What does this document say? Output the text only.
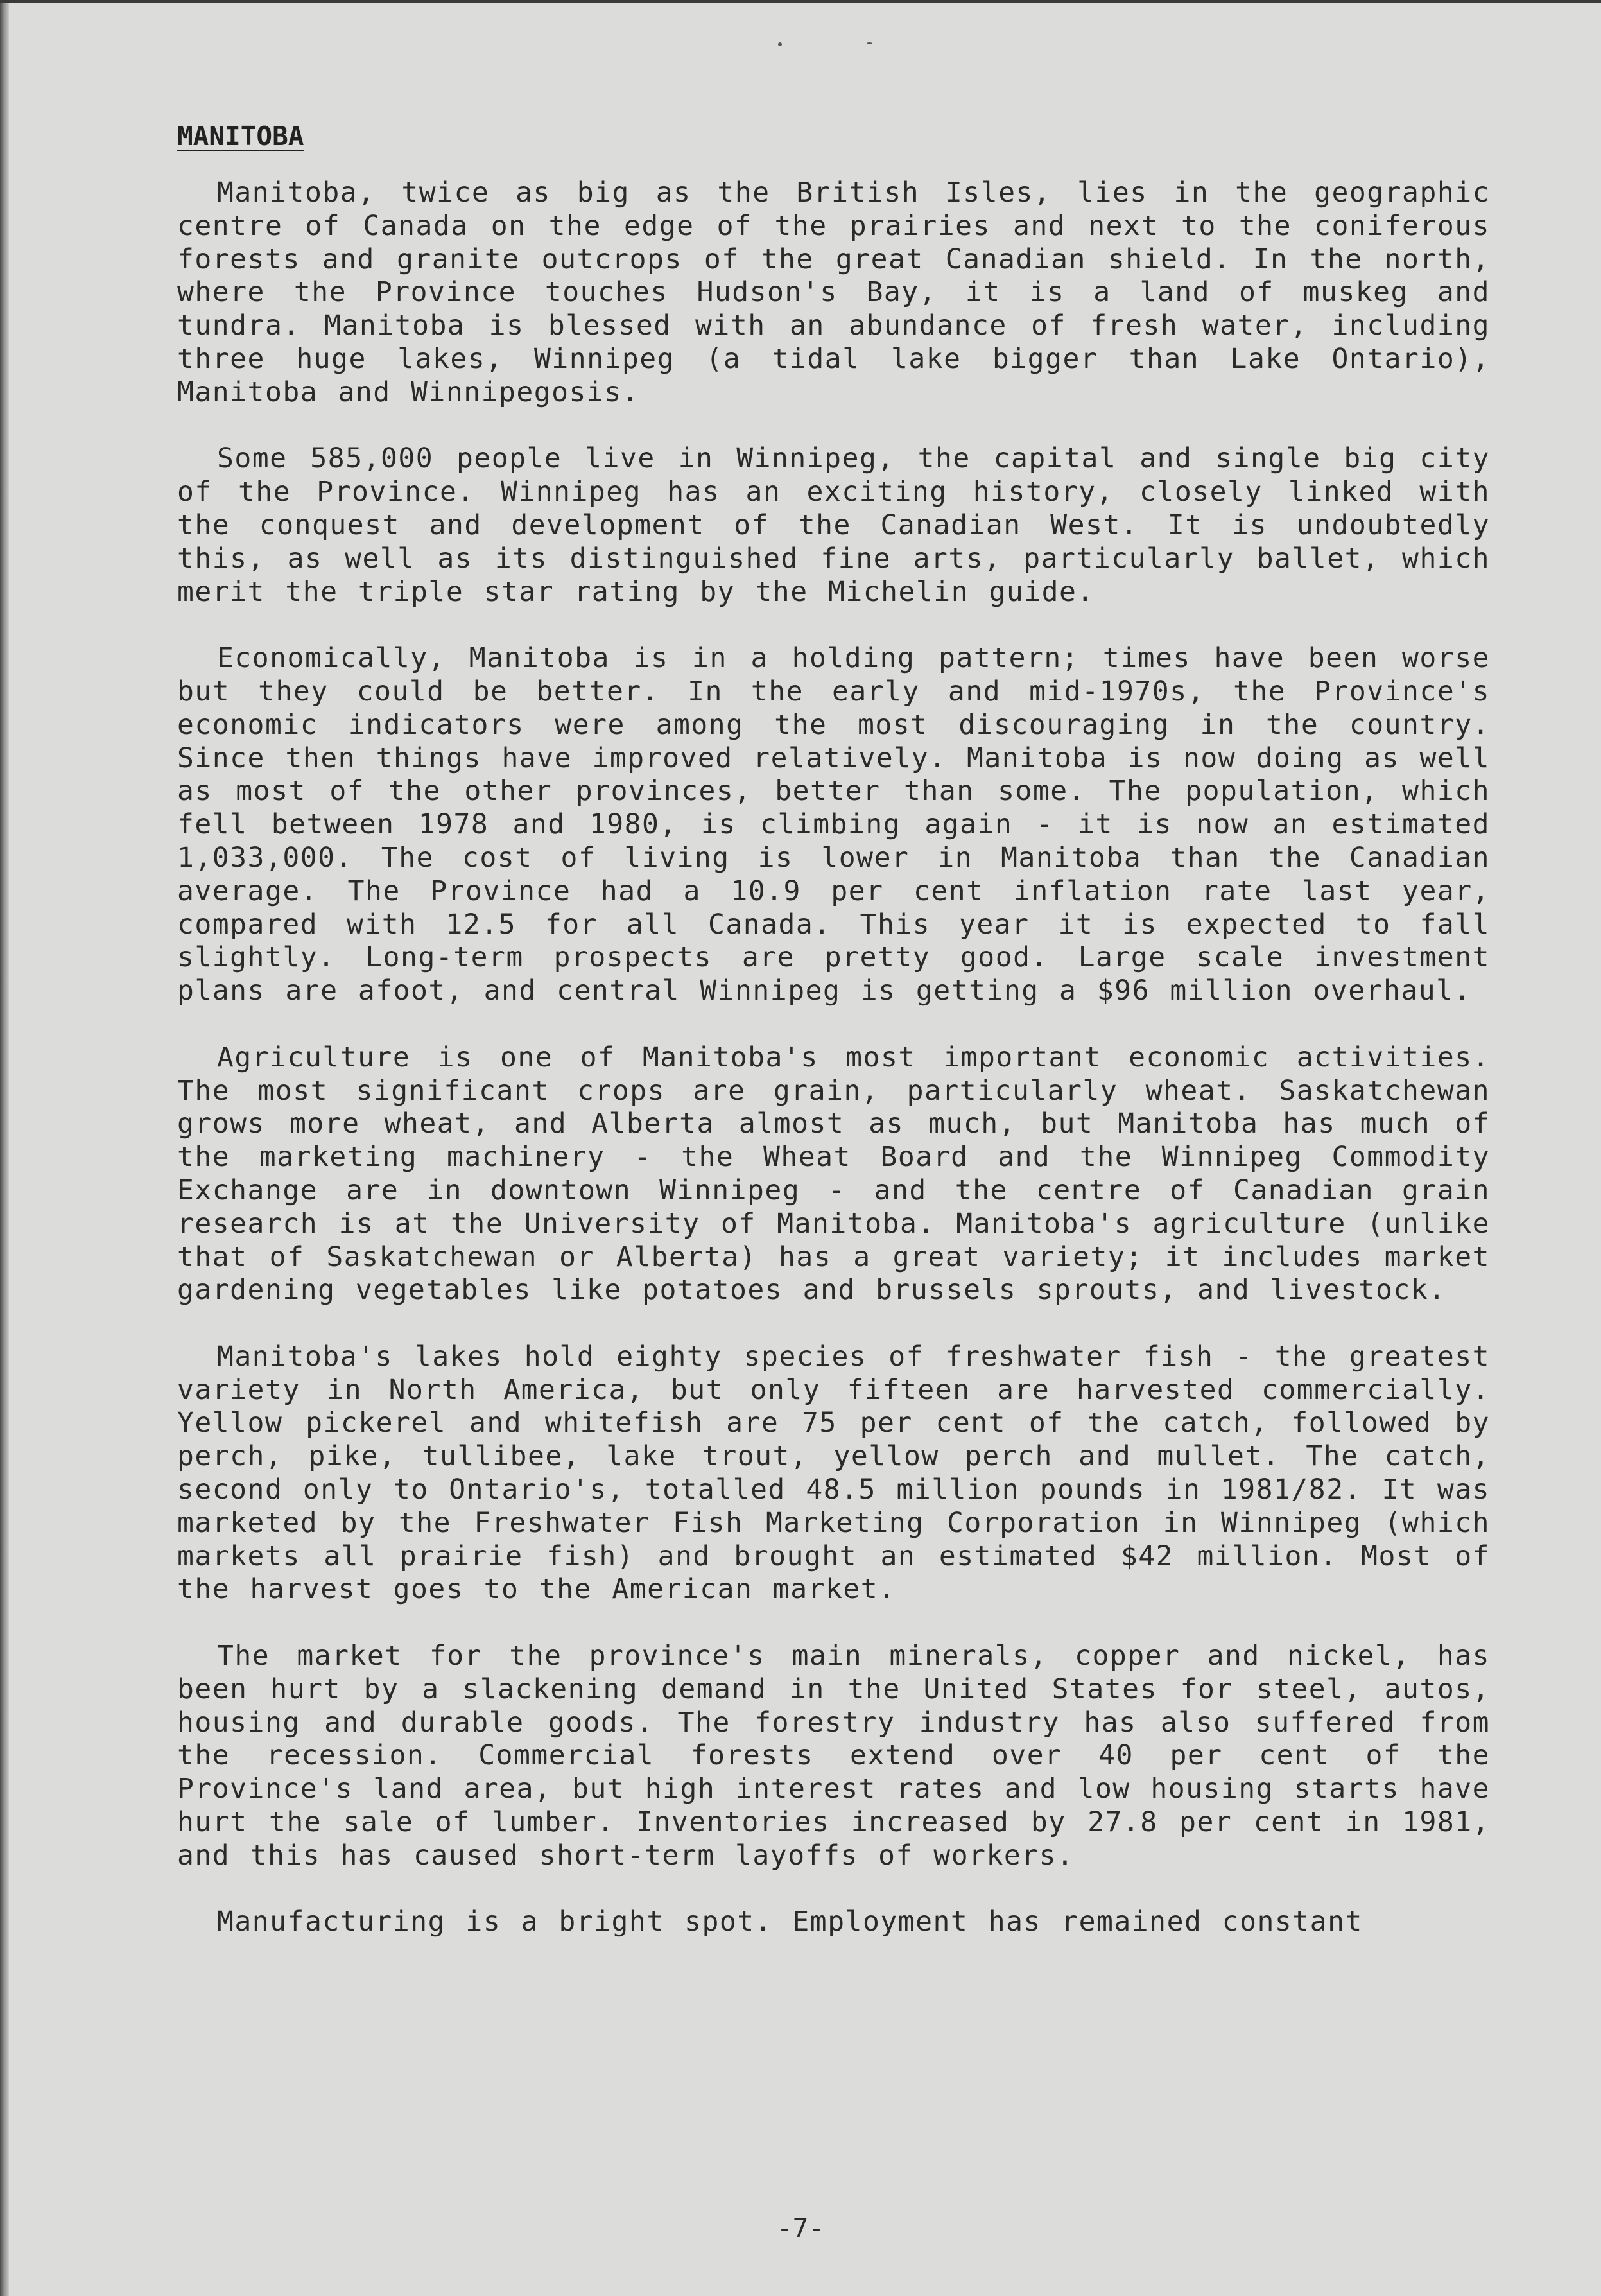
MANITOBA

Manitoba, twice as big as the British Isles, lies in the geographic centre of Canada on the edge of the prairies and next to the coniferous forests and granite outcrops of the great Canadian shield. In the north, where the Province touches Hudson's Bay, it is a land of muskeg and tundra. Manitoba is blessed with an abundance of fresh water, including three huge lakes, Winnipeg (a tidal lake bigger than Lake Ontario), Manitoba and Winnipegosis.

Some 585,000 people live in Winnipeg, the capital and single big city of the Province. Winnipeg has an exciting history, closely linked with the conquest and development of the Canadian West. It is undoubtedly this, as well as its distinguished fine arts, particularly ballet, which merit the triple star rating by the Michelin guide.

Economically, Manitoba is in a holding pattern; times have been worse but they could be better. In the early and mid-1970s, the Province's economic indicators were among the most discouraging in the country. Since then things have improved relatively. Manitoba is now doing as well as most of the other provinces, better than some. The population, which fell between 1978 and 1980, is climbing again - it is now an estimated 1,033,000. The cost of living is lower in Manitoba than the Canadian average. The Province had a 10.9 per cent inflation rate last year, compared with 12.5 for all Canada. This year it is expected to fall slightly. Long-term prospects are pretty good. Large scale investment plans are afoot, and central Winnipeg is getting a $96 million overhaul.

Agriculture is one of Manitoba's most important economic activities. The most significant crops are grain, particularly wheat. Saskatchewan grows more wheat, and Alberta almost as much, but Manitoba has much of the marketing machinery - the Wheat Board and the Winnipeg Commodity Exchange are in downtown Winnipeg - and the centre of Canadian grain research is at the University of Manitoba. Manitoba's agriculture (unlike that of Saskatchewan or Alberta) has a great variety; it includes market gardening vegetables like potatoes and brussels sprouts, and livestock.

Manitoba's lakes hold eighty species of freshwater fish - the greatest variety in North America, but only fifteen are harvested commercially. Yellow pickerel and whitefish are 75 per cent of the catch, followed by perch, pike, tullibee, lake trout, yellow perch and mullet. The catch, second only to Ontario's, totalled 48.5 million pounds in 1981/82. It was marketed by the Freshwater Fish Marketing Corporation in Winnipeg (which markets all prairie fish) and brought an estimated $42 million. Most of the harvest goes to the American market.

The market for the province's main minerals, copper and nickel, has been hurt by a slackening demand in the United States for steel, autos, housing and durable goods. The forestry industry has also suffered from the recession. Commercial forests extend over 40 per cent of the Province's land area, but high interest rates and low housing starts have hurt the sale of lumber. Inventories increased by 27.8 per cent in 1981, and this has caused short-term layoffs of workers.

Manufacturing is a bright spot. Employment has remained constant

-7-
